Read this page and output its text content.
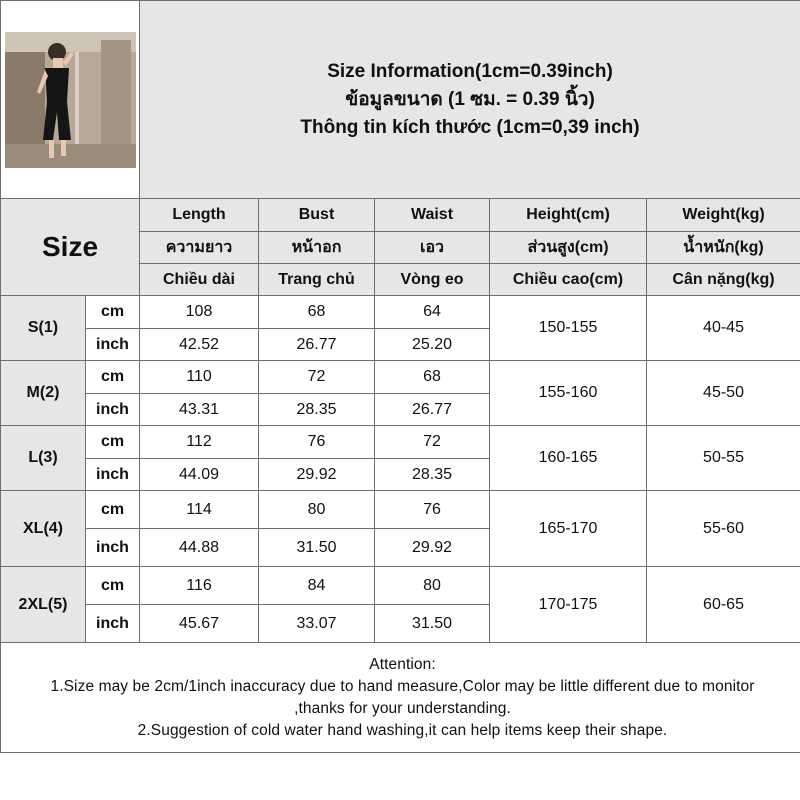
Size Information(1cm=0.39inch)
ข้อมูลขนาด (1 ซม. = 0.39 นิ้ว)
Thông tin kích thước (1cm=0,39 inch)				

Size		Length	Bust	Waist	Height(cm)	Weight(kg)
		ความยาว	หน้าอก	เอว	ส่วนสูง(cm)	น้ำหนัก(kg)
		Chiều dài	Trang chủ	Vòng eo	Chiều cao(cm)	Cân nặng(kg)
S(1)	cm	108	68	64	150-155	40-45
	inch	42.52	26.77	25.20		
M(2)	cm	110	72	68	155-160	45-50
	inch	43.31	28.35	26.77		
L(3)	cm	112	76	72	160-165	50-55
	inch	44.09	29.92	28.35		
XL(4)	cm	114	80	76	165-170	55-60
	inch	44.88	31.50	29.92		
2XL(5)	cm	116	84	80	170-175	60-65
	inch	45.67	33.07	31.50		

Attention:
1.Size may be 2cm/1inch inaccuracy due to hand measure,Color may be little different due to monitor
,thanks for your understanding.
2.Suggestion of cold water hand washing,it can help items keep their shape.						
